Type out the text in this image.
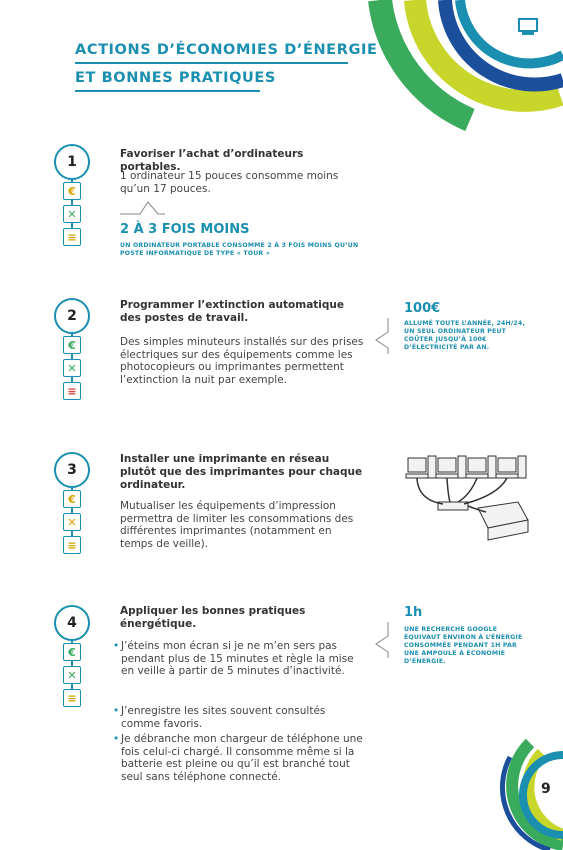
ACTIONS D’ÉCONOMIES D’ÉNERGIE
ET BONNES PRATIQUES
1
€
✕
≡
Favoriser l’achat d’ordinateurs portables.
1 ordinateur 15 pouces consomme moins qu’un 17 pouces.
2 À 3 FOIS MOINS
UN ORDINATEUR PORTABLE CONSOMME 2 À 3 FOIS MOINS QU’UN POSTE INFORMATIQUE DE TYPE « TOUR »
2
€
✕
≡
Programmer l’extinction automatique des postes de travail.
Des simples minuteurs installés sur des prises électriques sur des équipements comme les photocopieurs ou imprimantes permettent l’extinction la nuit par exemple.
100€
ALLUMÉ TOUTE L’ANNÉE, 24H/24, UN SEUL ORDINATEUR PEUT COÛTER JUSQU’À 100€ D’ÉLECTRICITÉ PAR AN.
3
€
✕
≡
Installer une imprimante en réseau plutôt que des imprimantes pour chaque ordinateur.
Mutualiser les équipements d’impression permettra de limiter les consommations des différentes imprimantes (notamment en temps de veille).
4
€
✕
≡
Appliquer les bonnes pratiques énergétique.
• J’éteins mon écran si je ne m’en sers pas pendant plus de 15 minutes et règle la mise en veille à partir de 5 minutes d’inactivité.
• J’enregistre les sites souvent consultés comme favoris.
• Je débranche mon chargeur de téléphone une fois celui-ci chargé. Il consomme même si la batterie est pleine ou qu’il est branché tout seul sans téléphone connecté.
1h
UNE RECHERCHE GOOGLE ÉQUIVAUT ENVIRON À L’ÉNERGIE CONSOMMÉE PENDANT 1H PAR UNE AMPOULE À ÉCONOMIE D’ÉNERGIE.
9
